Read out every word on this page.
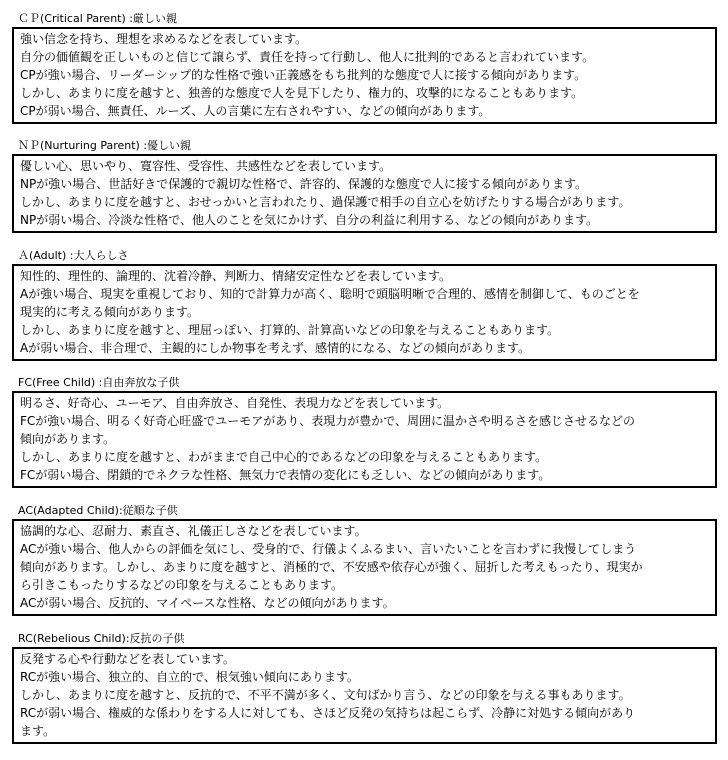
ＣＰ(Critical Parent) :厳しい親
強い信念を持ち、理想を求めるなどを表しています。
自分の価値観を正しいものと信じて譲らず、責任を持って行動し、他人に批判的であると言われています。
CPが強い場合、リーダーシップ的な性格で強い正義感をもち批判的な態度で人に接する傾向があります。
しかし、あまりに度を越すと、独善的な態度で人を見下したり、権力的、攻撃的になることもあります。
CPが弱い場合、無責任、ルーズ、人の言葉に左右されやすい、などの傾向があります。
ＮＰ(Nurturing Parent) :優しい親
優しい心、思いやり、寛容性、受容性、共感性などを表しています。
NPが強い場合、世話好きで保護的で親切な性格で、許容的、保護的な態度で人に接する傾向があります。
しかし、あまりに度を越すと、おせっかいと言われたり、過保護で相手の自立心を妨げたりする場合があります。
NPが弱い場合、冷淡な性格で、他人のことを気にかけず、自分の利益に利用する、などの傾向があります。
Ａ(Adult) :大人らしさ
知性的、理性的、論理的、沈着冷静、判断力、情緒安定性などを表しています。
Aが強い場合、現実を重視しており、知的で計算力が高く、聡明で頭脳明晰で合理的、感情を制御して、ものごとを
現実的に考える傾向があります。
しかし、あまりに度を越すと、理屈っぽい、打算的、計算高いなどの印象を与えることもあります。
Aが弱い場合、非合理で、主観的にしか物事を考えず、感情的になる、などの傾向があります。
FC(Free Child) :自由奔放な子供
明るさ、好奇心、ユーモア、自由奔放さ、自発性、表現力などを表しています。
FCが強い場合、明るく好奇心旺盛でユーモアがあり、表現力が豊かで、周囲に温かさや明るさを感じさせるなどの
傾向があります。
しかし、あまりに度を越すと、わがままで自己中心的であるなどの印象を与えることもあります。
FCが弱い場合、閉鎖的でネクラな性格、無気力で表情の変化にも乏しい、などの傾向があります。
AC(Adapted Child):従順な子供
協調的な心、忍耐力、素直さ、礼儀正しさなどを表しています。
ACが強い場合、他人からの評価を気にし、受身的で、行儀よくふるまい、言いたいことを言わずに我慢してしまう
傾向があります。しかし、あまりに度を越すと、消極的で、不安感や依存心が強く、屈折した考えもったり、現実か
ら引きこもったりするなどの印象を与えることもあります。
ACが弱い場合、反抗的、マイペースな性格、などの傾向があります。
RC(Rebelious Child):反抗の子供
反発する心や行動などを表しています。
RCが強い場合、独立的、自立的で、根気強い傾向にあります。
しかし、あまりに度を越すと、反抗的で、不平不満が多く、文句ばかり言う、などの印象を与える事もあります。
RCが弱い場合、権威的な係わりをする人に対しても、さほど反発の気持ちは起こらず、冷静に対処する傾向があり
ます。
